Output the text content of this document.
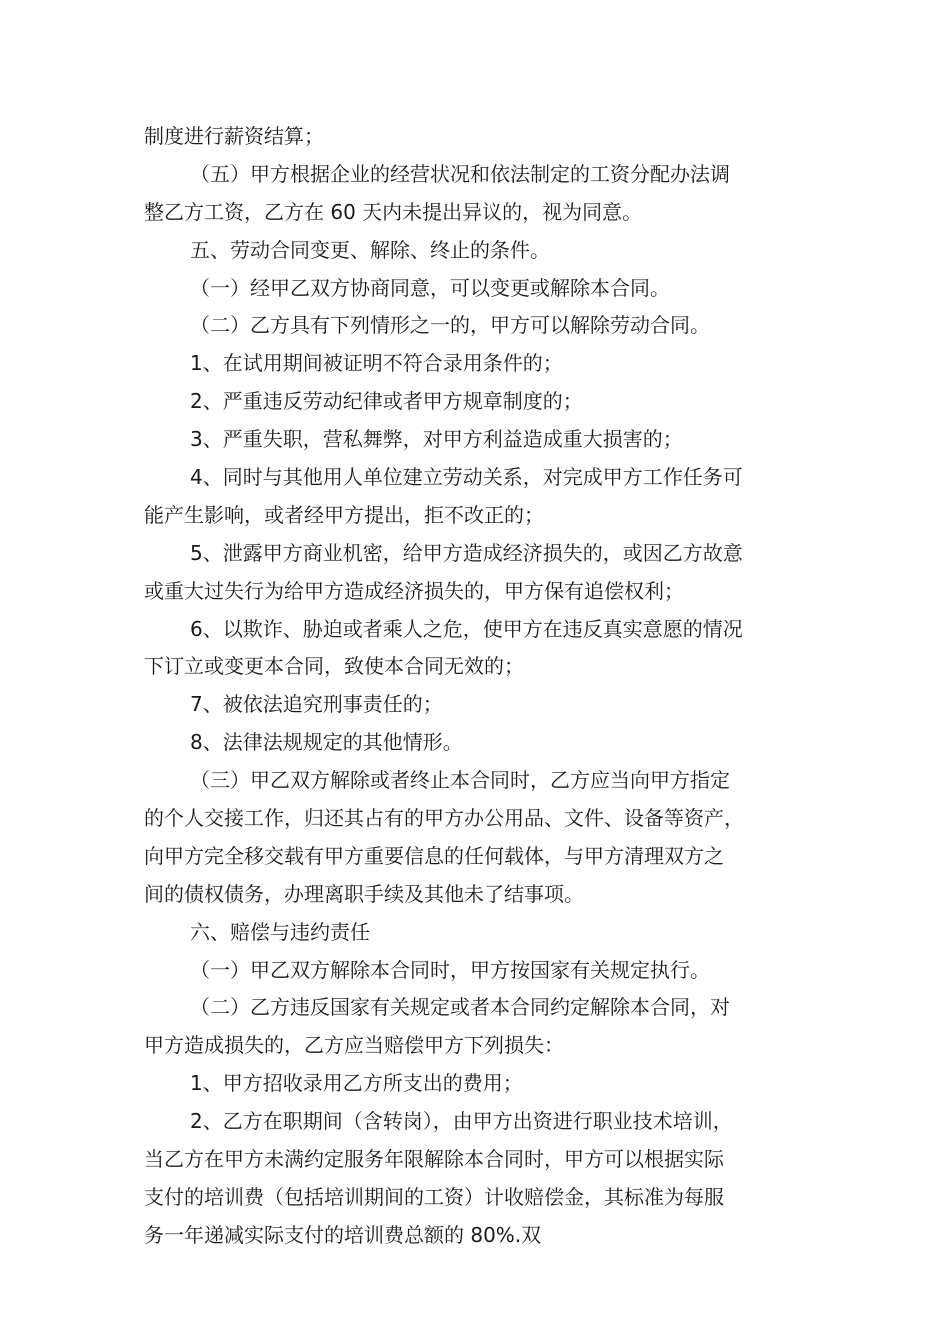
制度进行薪资结算；
（五）甲方根据企业的经营状况和依法制定的工资分配办法调
整乙方工资，乙方在 60 天内未提出异议的，视为同意。
五、劳动合同变更、解除、终止的条件。
（一）经甲乙双方协商同意，可以变更或解除本合同。
（二）乙方具有下列情形之一的，甲方可以解除劳动合同。
1、在试用期间被证明不符合录用条件的；
2、严重违反劳动纪律或者甲方规章制度的；
3、严重失职，营私舞弊，对甲方利益造成重大损害的；
4、同时与其他用人单位建立劳动关系，对完成甲方工作任务可
能产生影响，或者经甲方提出，拒不改正的；
5、泄露甲方商业机密，给甲方造成经济损失的，或因乙方故意
或重大过失行为给甲方造成经济损失的，甲方保有追偿权利；
6、以欺诈、胁迫或者乘人之危，使甲方在违反真实意愿的情况
下订立或变更本合同，致使本合同无效的；
7、被依法追究刑事责任的；
8、法律法规规定的其他情形。
（三）甲乙双方解除或者终止本合同时，乙方应当向甲方指定
的个人交接工作，归还其占有的甲方办公用品、文件、设备等资产，
向甲方完全移交载有甲方重要信息的任何载体，与甲方清理双方之
间的债权债务，办理离职手续及其他未了结事项。
六、赔偿与违约责任
（一）甲乙双方解除本合同时，甲方按国家有关规定执行。
（二）乙方违反国家有关规定或者本合同约定解除本合同，对
甲方造成损失的，乙方应当赔偿甲方下列损失：
1、甲方招收录用乙方所支出的费用；
2、乙方在职期间（含转岗），由甲方出资进行职业技术培训，
当乙方在甲方未满约定服务年限解除本合同时，甲方可以根据实际
支付的培训费（包括培训期间的工资）计收赔偿金，其标准为每服
务一年递减实际支付的培训费总额的 80%.双
